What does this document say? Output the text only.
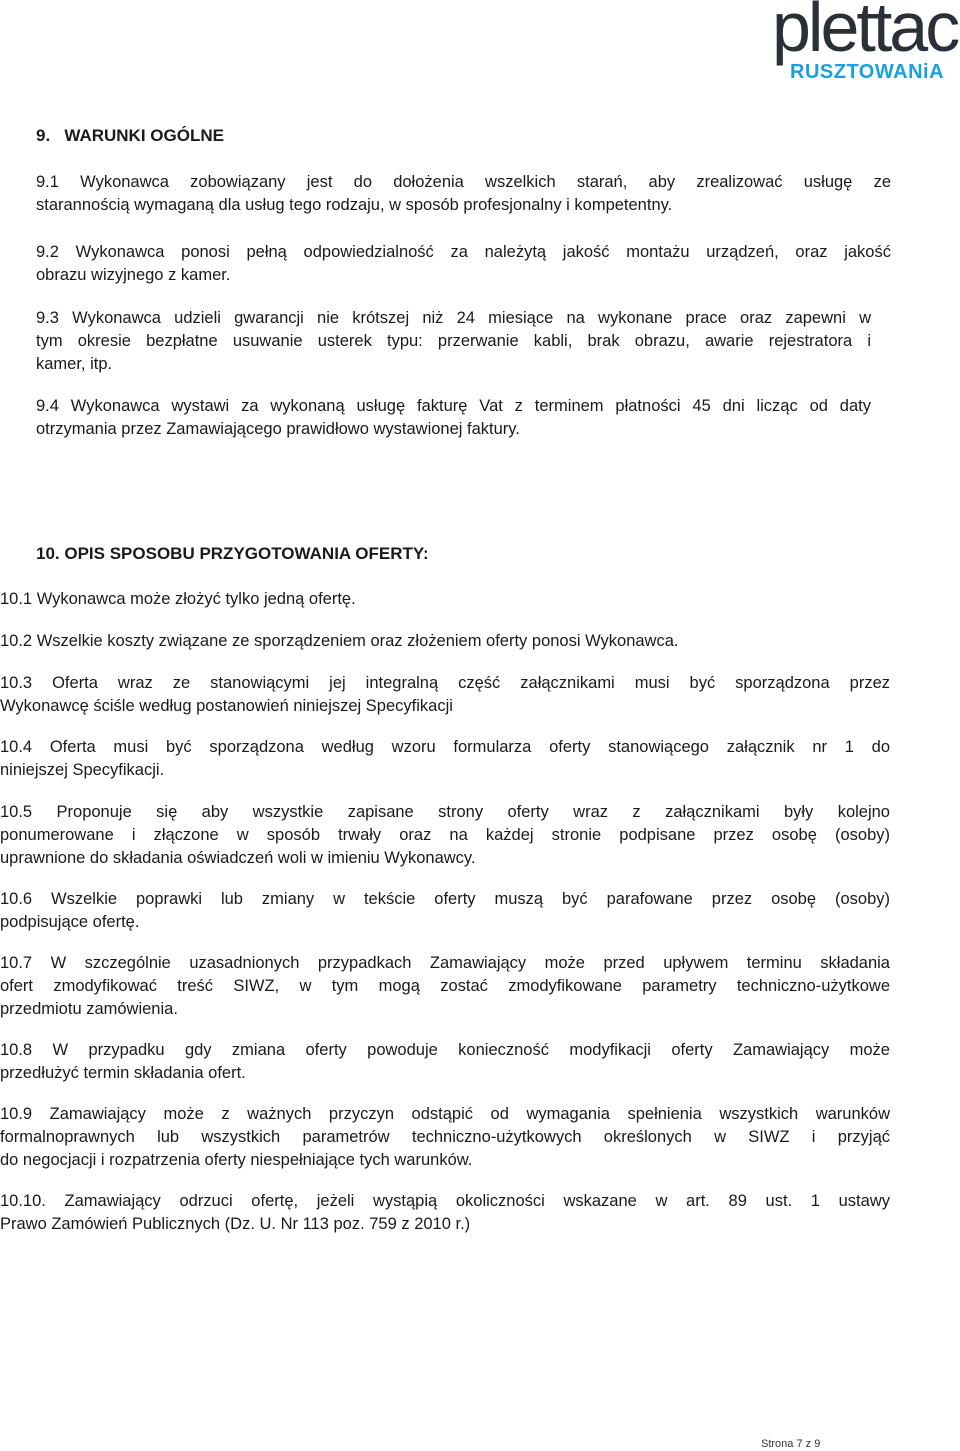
plettac
RUSZTOWANiA
9.   WARUNKI OGÓLNE
9.1 Wykonawca zobowiązany jest do dołożenia wszelkich starań, aby zrealizować usługę ze
starannością wymaganą dla usług tego rodzaju, w sposób profesjonalny i kompetentny.
9.2 Wykonawca ponosi pełną odpowiedzialność za należytą jakość montażu urządzeń, oraz jakość
obrazu wizyjnego z kamer.
9.3 Wykonawca udzieli gwarancji nie krótszej niż 24 miesiące na wykonane prace oraz zapewni w
tym okresie bezpłatne usuwanie usterek typu: przerwanie kabli, brak obrazu, awarie rejestratora i
kamer, itp.
9.4 Wykonawca wystawi za wykonaną usługę fakturę Vat z terminem płatności 45 dni licząc od daty
otrzymania przez Zamawiającego prawidłowo wystawionej faktury.
10. OPIS SPOSOBU PRZYGOTOWANIA OFERTY:
10.1 Wykonawca może złożyć tylko jedną ofertę.
10.2 Wszelkie koszty związane ze sporządzeniem oraz złożeniem oferty ponosi Wykonawca.
10.3 Oferta wraz ze stanowiącymi jej integralną część załącznikami musi być sporządzona przez
Wykonawcę ściśle według postanowień niniejszej Specyfikacji
10.4 Oferta musi być sporządzona według wzoru formularza oferty stanowiącego załącznik nr 1 do
niniejszej Specyfikacji.
10.5 Proponuje się aby wszystkie zapisane strony oferty wraz z załącznikami były kolejno
ponumerowane i złączone w sposób trwały oraz na każdej stronie podpisane przez osobę (osoby)
uprawnione do składania oświadczeń woli w imieniu Wykonawcy.
10.6 Wszelkie poprawki lub zmiany w tekście oferty muszą być parafowane przez osobę (osoby)
podpisujące ofertę.
10.7 W szczególnie uzasadnionych przypadkach Zamawiający może przed upływem terminu składania
ofert zmodyfikować treść SIWZ, w tym mogą zostać zmodyfikowane parametry techniczno-użytkowe
przedmiotu zamówienia.
10.8 W przypadku gdy zmiana oferty powoduje konieczność modyfikacji oferty Zamawiający może
przedłużyć termin składania ofert.
10.9 Zamawiający może z ważnych przyczyn odstąpić od wymagania spełnienia wszystkich warunków
formalnoprawnych lub wszystkich parametrów techniczno-użytkowych określonych w SIWZ i przyjąć
do negocjacji i rozpatrzenia oferty niespełniające tych warunków.
10.10. Zamawiający odrzuci ofertę, jeżeli wystąpią okoliczności wskazane w art. 89 ust. 1 ustawy
Prawo Zamówień Publicznych (Dz. U. Nr 113 poz. 759 z 2010 r.)
Strona 7 z 9
